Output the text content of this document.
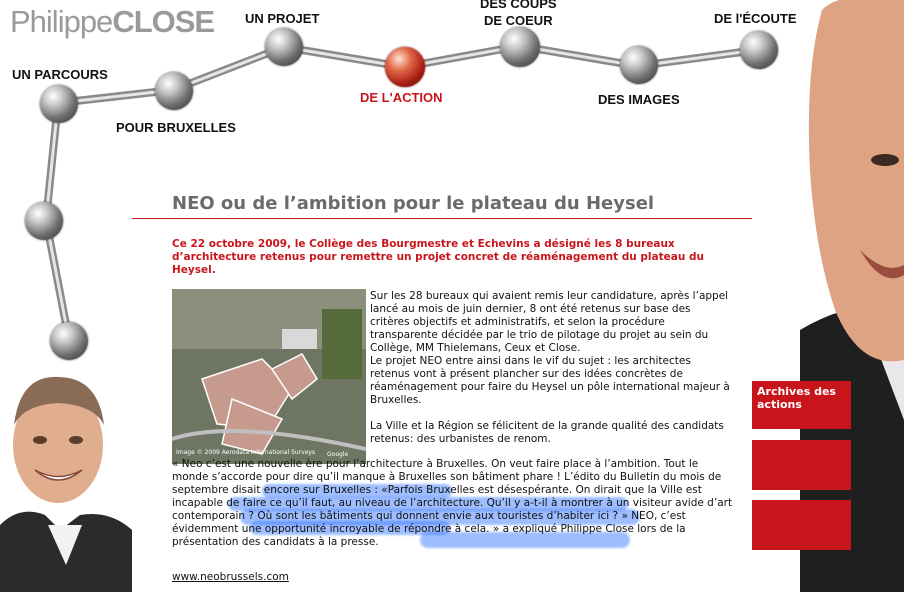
PhilippeCLOSE
UN PARCOURS
POUR BRUXELLES
UN PROJET
DE L'ACTION
DES COUPS
DE COEUR
DES IMAGES
DE l'ÉCOUTE
NEO ou de l’ambition pour le plateau du Heysel
Ce 22 octobre 2009, le Collège des Bourgmestre et Echevins a désigné les 8 bureaux d’architecture retenus pour remettre un projet concret de réaménagement du plateau du Heysel.
Image © 2009 Aerodata International Surveys Google
Sur les 28 bureaux qui avaient remis leur candidature, après l’appel lancé au mois de juin dernier, 8 ont été retenus sur base des critères objectifs et administratifs, et selon la procédure transparente décidée par le trio de pilotage du projet au sein du Collège, MM Thielemans, Ceux et Close.
Le projet NEO entre ainsi dans le vif du sujet : les architectes retenus vont à présent plancher sur des idées concrètes de réaménagement pour faire du Heysel un pôle international majeur à Bruxelles.
La Ville et la Région se félicitent de la grande qualité des candidats retenus: des urbanistes de renom.
« Neo c’est une nouvelle ère pour l’architecture à Bruxelles. On veut faire place à l’ambition. Tout le monde s’accorde pour dire qu’il manque à Bruxelles son bâtiment phare ! L’édito du Bulletin du mois de septembre disait encore sur Bruxelles : «Parfois Bruxelles est désespérante. On dirait que la Ville est incapable de faire ce qu’il faut, au niveau de l’architecture. Qu’il y a-t-il à montrer à un visiteur avide d’art contemporain ? Où sont les bâtiments qui donnent envie aux touristes d’habiter ici ? » NEO, c’est évidemment une opportunité incroyable de répondre à cela. » a expliqué Philippe Close lors de la présentation des candidats à la presse.
www.neobrussels.com
Archives des actions
